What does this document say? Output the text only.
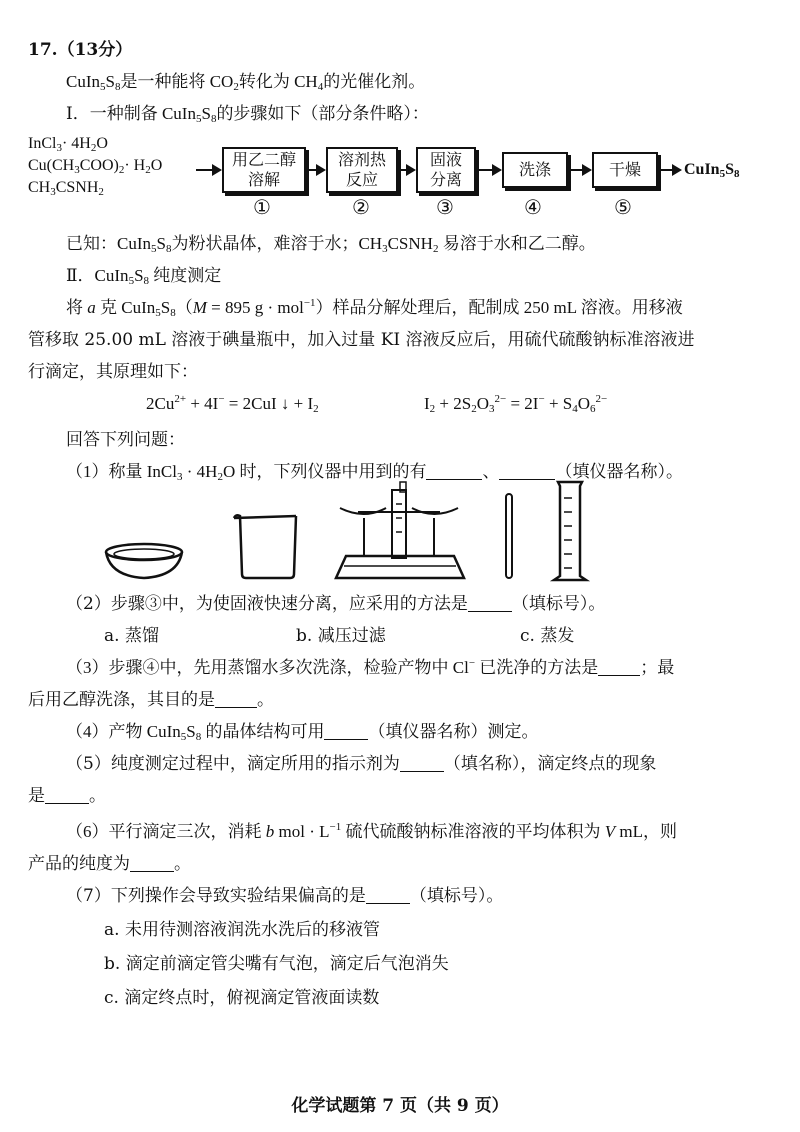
17.（13分）
$CuIn_5S_8$是一种能将 $CO_2$转化为 $CH_4$的光催化剂。
Ⅰ．一种制备 $CuIn_5S_8$的步骤如下（部分条件略）：
InCl$_3$· $4H_2O$
$Cu(CH_3COO)_2\cdot H_2O$
$CH_3CSNH_2$
用乙二醇
溶解
①
溶剂热
反应
②
固液
分离
③
洗涤
④
干燥
⑤
$CuIn_5S_8$
已知：$CuIn_5S_8$为粉状晶体，难溶于水；$CH_3CSNH_2$ 易溶于水和乙二醇。
Ⅱ．$CuIn_5S_8$ 纯度测定
将 a 克 $CuIn_5S_8(M = 895$ g · mol$^{-1}$）样品分解处理后，配制成 250 mL 溶液。用移液
管移取 25.00 mL 溶液于碘量瓶中，加入过量 KI 溶液反应后，用硫代硫酸钠标准溶液进
行滴定，其原理如下：
$2Cu^{2+} + 4I^- = 2CuI$ ↓ + $I_2$	$I_2 + 2S_2O_3^{2-} = 2I^- + S_4O_6^{2-}$
回答下列问题：
（1）称量 InCl$_3$ · $4H_2O$ 时，下列仪器中用到的有	、	（填仪器名称）。
（2）步骤③中，为使固液快速分离，应采用的方法是	（填标号）。
a. 蒸馏	b. 减压过滤	c. 蒸发
（3）步骤④中，先用蒸馏水多次洗涤，检验产物中 Cl− 已洗净的方法是 ；最
后用乙醇洗涤，其目的是 。
（4）产物 $CuIn_5S_8$ 的晶体结构可用	（填仪器名称）测定。
（5）纯度测定过程中，滴定所用的指示剂为	（填名称），滴定终点的现象
是	。
（6）平行滴定三次，消耗 b mol · $L^{-1}$ 硫代硫酸钠标准溶液的平均体积为 V mL，则
产品的纯度为	。
（7）下列操作会导致实验结果偏高的是	（填标号）。
a. 未用待测溶液润洗水洗后的移液管
b. 滴定前滴定管尖嘴有气泡，滴定后气泡消失
c. 滴定终点时，俯视滴定管液面读数
化学试题第 7 页（共 9 页）
